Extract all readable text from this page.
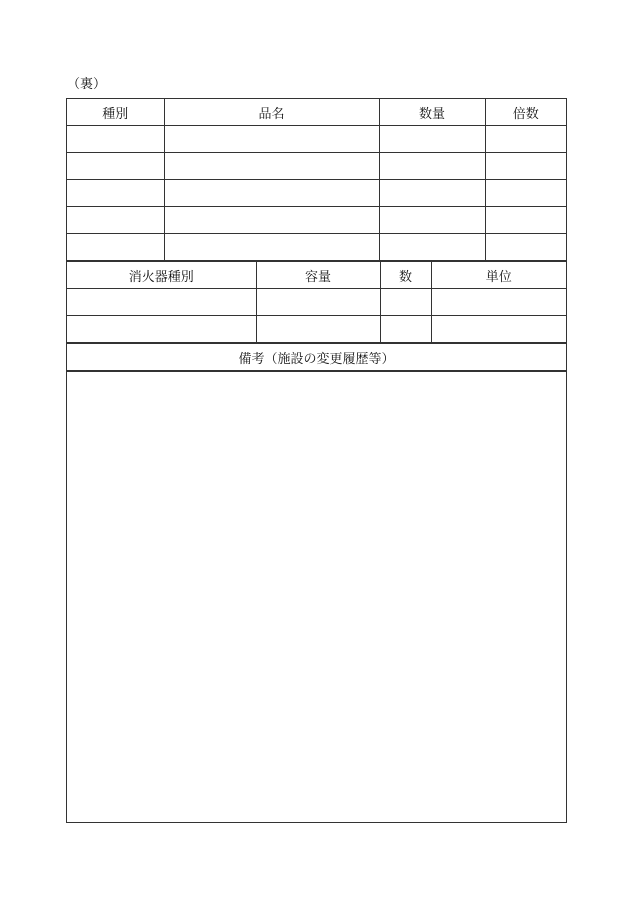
（裏）
種別	品名	数量	倍数

消火器種別	容量	数	単位

備考（施設の変更履歴等）
